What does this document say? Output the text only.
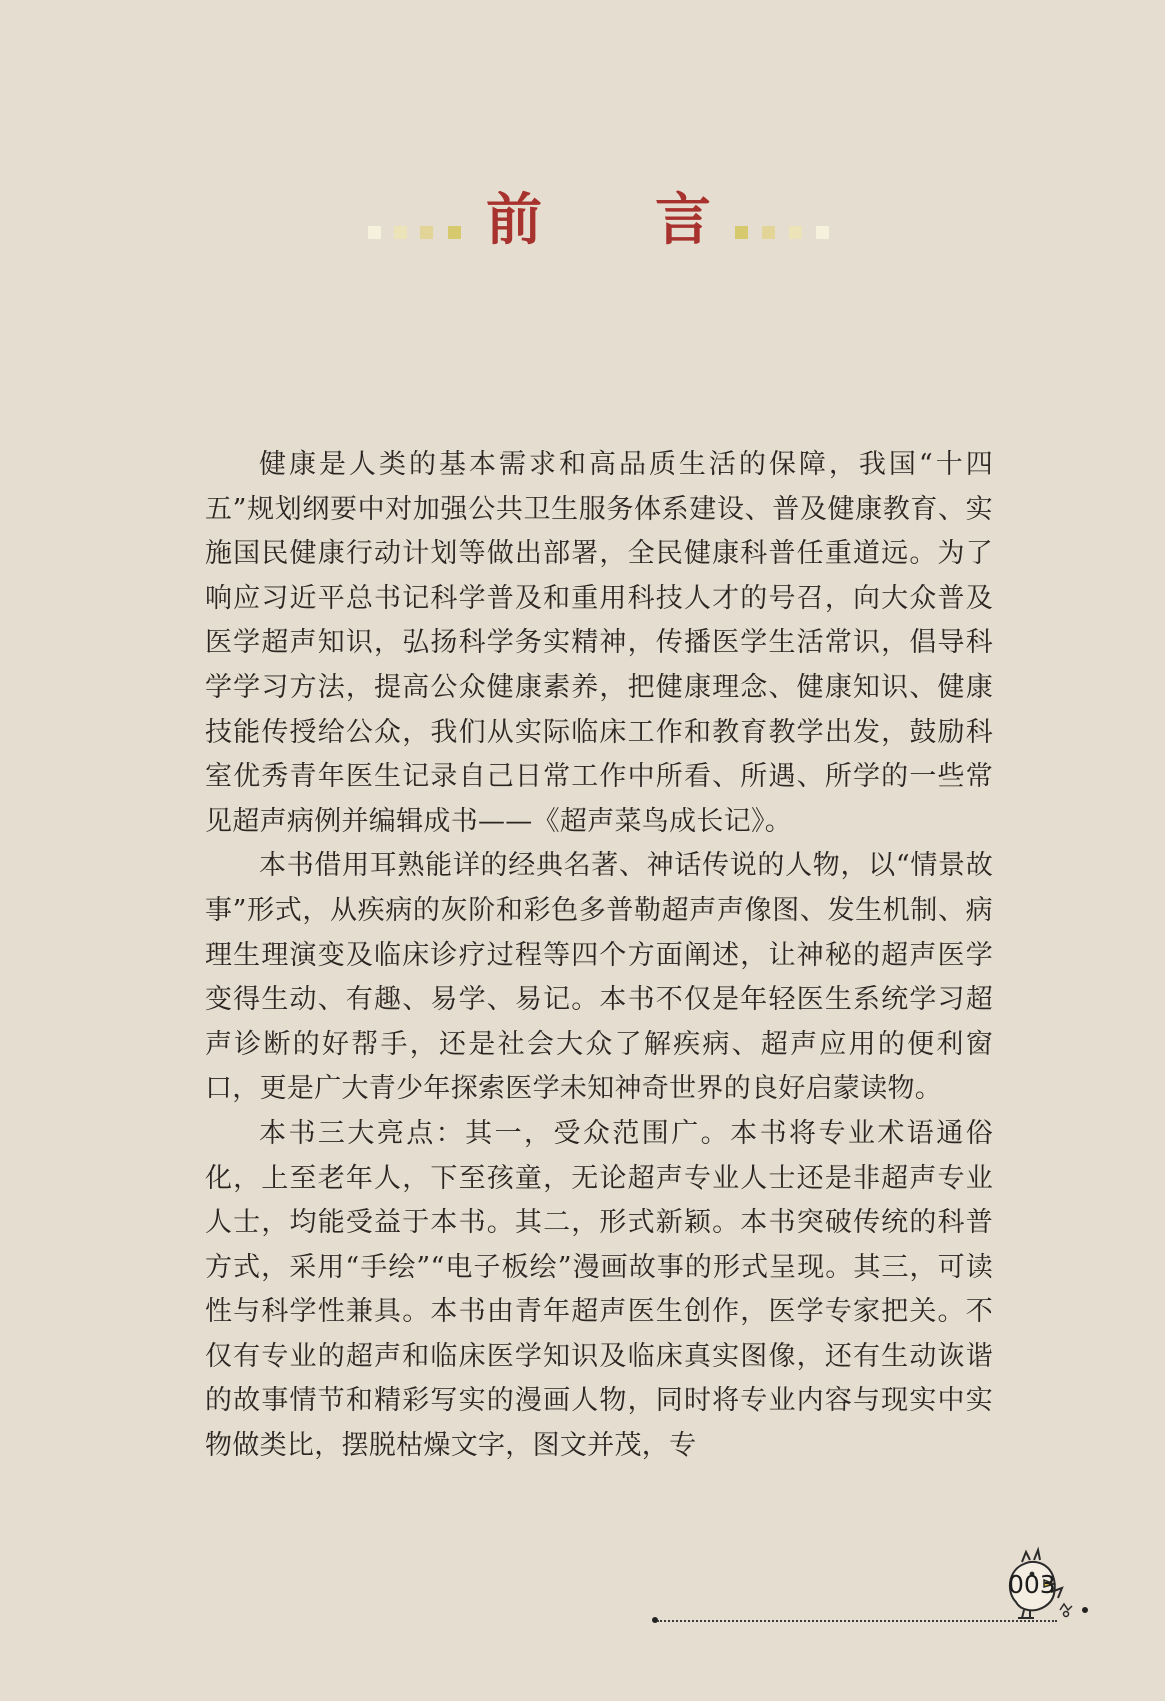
前 言

健康是人类的基本需求和高品质生活的保障，我国“十四五”规划纲要中对加强公共卫生服务体系建设、普及健康教育、实施国民健康行动计划等做出部署，全民健康科普任重道远。为了响应习近平总书记科学普及和重用科技人才的号召，向大众普及医学超声知识，弘扬科学务实精神，传播医学生活常识，倡导科学学习方法，提高公众健康素养，把健康理念、健康知识、健康技能传授给公众，我们从实际临床工作和教育教学出发，鼓励科室优秀青年医生记录自己日常工作中所看、所遇、所学的一些常见超声病例并编辑成书——《超声菜鸟成长记》。

本书借用耳熟能详的经典名著、神话传说的人物，以“情景故事”形式，从疾病的灰阶和彩色多普勒超声声像图、发生机制、病理生理演变及临床诊疗过程等四个方面阐述，让神秘的超声医学变得生动、有趣、易学、易记。本书不仅是年轻医生系统学习超声诊断的好帮手，还是社会大众了解疾病、超声应用的便利窗口，更是广大青少年探索医学未知神奇世界的良好启蒙读物。

本书三大亮点：其一，受众范围广。本书将专业术语通俗化，上至老年人，下至孩童，无论超声专业人士还是非超声专业人士，均能受益于本书。其二，形式新颖。本书突破传统的科普方式，采用“手绘”“电子板绘”漫画故事的形式呈现。其三，可读性与科学性兼具。本书由青年超声医生创作，医学专家把关。不仅有专业的超声和临床医学知识及临床真实图像，还有生动诙谐的故事情节和精彩写实的漫画人物，同时将专业内容与现实中实物做类比，摆脱枯燥文字，图文并茂，专

003
